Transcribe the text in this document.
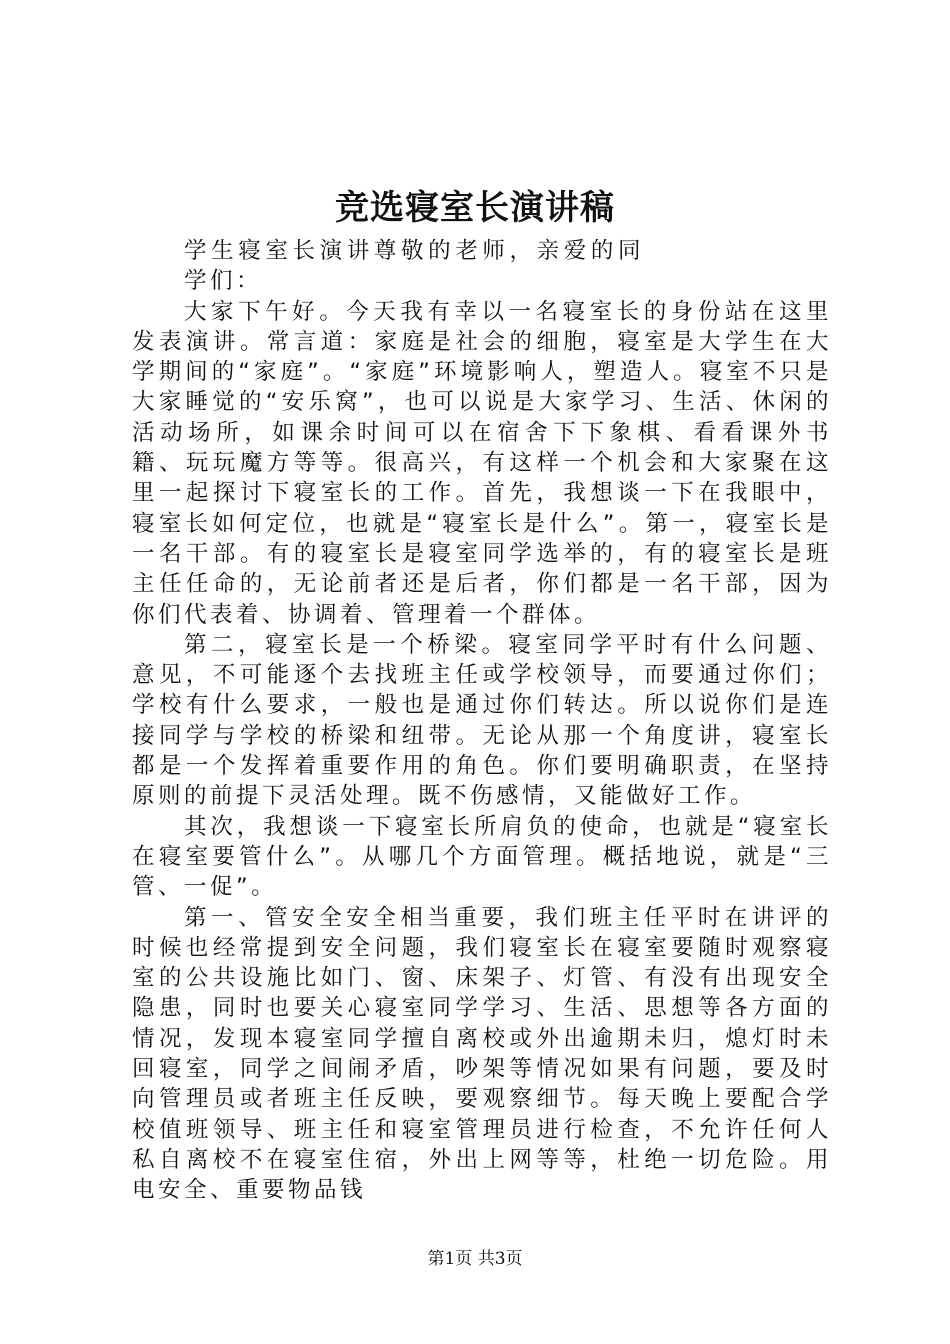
竞选寝室长演讲稿

学生寝室长演讲尊敬的老师，亲爱的同学们：

大家下午好。今天我有幸以一名寝室长的身份站在这里发表演讲。常言道：家庭是社会的细胞，寝室是大学生在大学期间的“家庭”。“家庭”环境影响人，塑造人。寝室不只是大家睡觉的“安乐窝”，也可以说是大家学习、生活、休闲的活动场所，如课余时间可以在宿舍下下象棋、看看课外书籍、玩玩魔方等等。很高兴，有这样一个机会和大家聚在这里一起探讨下寝室长的工作。首先，我想谈一下在我眼中，寝室长如何定位，也就是“寝室长是什么”。第一，寝室长是一名干部。有的寝室长是寝室同学选举的，有的寝室长是班主任任命的，无论前者还是后者，你们都是一名干部，因为你们代表着、协调着、管理着一个群体。

第二，寝室长是一个桥梁。寝室同学平时有什么问题、意见，不可能逐个去找班主任或学校领导，而要通过你们；学校有什么要求，一般也是通过你们转达。所以说你们是连接同学与学校的桥梁和纽带。无论从那一个角度讲，寝室长都是一个发挥着重要作用的角色。你们要明确职责，在坚持原则的前提下灵活处理。既不伤感情，又能做好工作。

其次，我想谈一下寝室长所肩负的使命，也就是“寝室长在寝室要管什么”。从哪几个方面管理。概括地说，就是“三管、一促”。

第一、管安全安全相当重要，我们班主任平时在讲评的时候也经常提到安全问题，我们寝室长在寝室要随时观察寝室的公共设施比如门、窗、床架子、灯管、有没有出现安全隐患，同时也要关心寝室同学学习、生活、思想等各方面的情况，发现本寝室同学擅自离校或外出逾期未归，熄灯时未回寝室，同学之间闹矛盾，吵架等情况如果有问题，要及时向管理员或者班主任反映，要观察细节。每天晚上要配合学校值班领导、班主任和寝室管理员进行检查，不允许任何人私自离校不在寝室住宿，外出上网等等，杜绝一切危险。用电安全、重要物品钱

第1页 共3页
